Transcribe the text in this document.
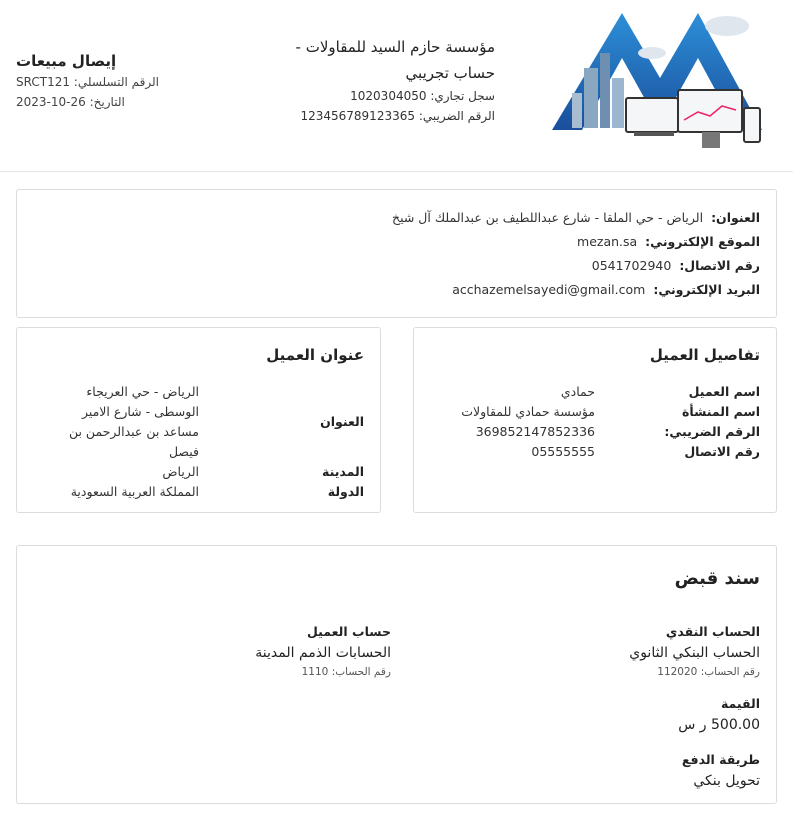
مؤسسة حازم السيد للمقاولات -
حساب تجريبي
سجل تجاري: 1020304050
الرقم الضريبي: 123456789123365
إيصال مبيعات
الرقم التسلسلي: SRCT121
التاريخ: 26-10-2023
العنوان:الرياض - حي الملقا - شارع عبداللطيف بن عبدالملك آل شيخ
الموقع الإلكتروني:mezan.sa
رقم الاتصال:0541702940
البريد الإلكتروني:acchazemelsayedi@gmail.com
تفاصيل العميل
اسم العميل
حمادي
اسم المنشأة
مؤسسة حمادي للمقاولات
الرقم الضريبي:
369852147852336
رقم الاتصال
05555555
عنوان العميل
العنوان
الرياض - حي العريجاء الوسطى - شارع الامير مساعد بن عبدالرحمن بن فيصل
المدينة
الرياض
الدولة
المملكة العربية السعودية
سند قبض
الحساب النقدي
الحساب البنكي الثانوي
رقم الحساب: 112020
القيمة
500.00 ر س
طريقة الدفع
تحويل بنكي
حساب العميل
الحسابات الذمم المدينة
رقم الحساب: 1110
